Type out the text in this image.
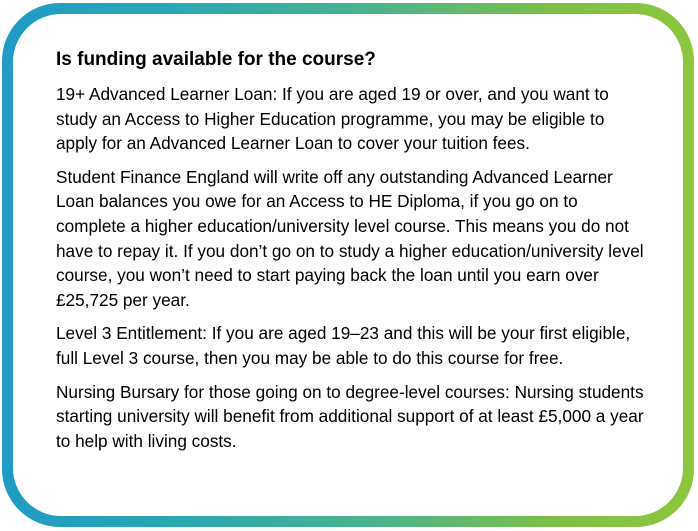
Is funding available for the course?

19+ Advanced Learner Loan: If you are aged 19 or over, and you want to study an Access to Higher Education programme, you may be eligible to apply for an Advanced Learner Loan to cover your tuition fees.

Student Finance England will write off any outstanding Advanced Learner Loan balances you owe for an Access to HE Diploma, if you go on to complete a higher education/university level course. This means you do not have to repay it. If you don’t go on to study a higher education/university level course, you won’t need to start paying back the loan until you earn over £25,725 per year.

Level 3 Entitlement: If you are aged 19–23 and this will be your first eligible, full Level 3 course, then you may be able to do this course for free.

Nursing Bursary for those going on to degree-level courses: Nursing students starting university will benefit from additional support of at least £5,000 a year to help with living costs.
